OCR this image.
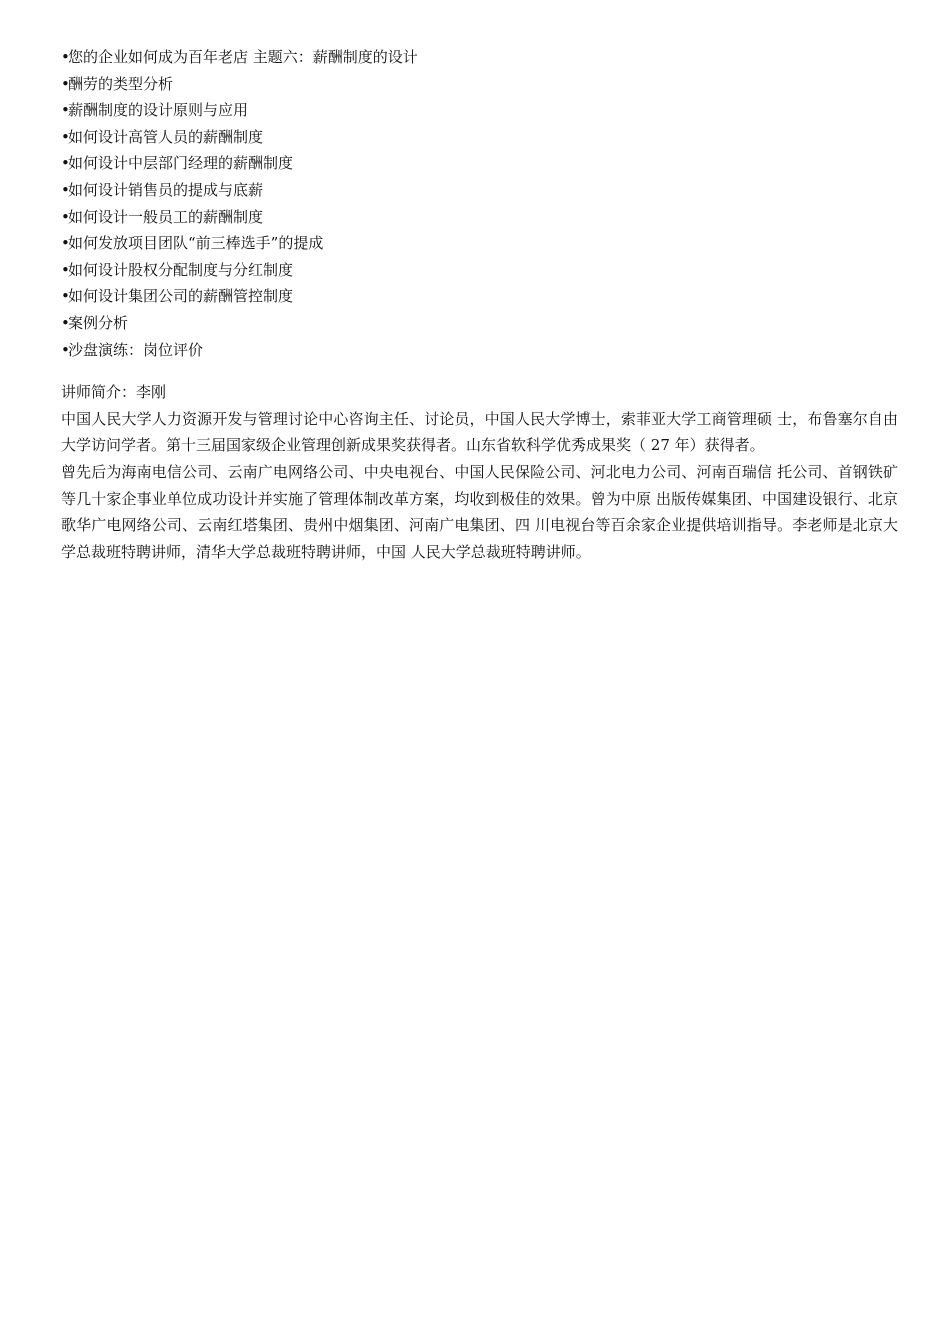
•您的企业如何成为百年老店 主题六：薪酬制度的设计
•酬劳的类型分析
•薪酬制度的设计原则与应用
•如何设计高管人员的薪酬制度
•如何设计中层部门经理的薪酬制度
•如何设计销售员的提成与底薪
•如何设计一般员工的薪酬制度
•如何发放项目团队“前三棒选手”的提成
•如何设计股权分配制度与分红制度
•如何设计集团公司的薪酬管控制度
•案例分析
•沙盘演练：岗位评价

讲师简介：李刚

中国人民大学人力资源开发与管理讨论中心咨询主任、讨论员，中国人民大学博士，索菲亚大学工商管理硕 士，布鲁塞尔自由大学访问学者。第十三届国家级企业管理创新成果奖获得者。山东省软科学优秀成果奖（ 27 年）获得者。

曾先后为海南电信公司、云南广电网络公司、中央电视台、中国人民保险公司、河北电力公司、河南百瑞信 托公司、首钢铁矿等几十家企事业单位成功设计并实施了管理体制改革方案，均收到极佳的效果。曾为中原 出版传媒集团、中国建设银行、北京歌华广电网络公司、云南红塔集团、贵州中烟集团、河南广电集团、四 川电视台等百余家企业提供培训指导。李老师是北京大学总裁班特聘讲师，清华大学总裁班特聘讲师，中国 人民大学总裁班特聘讲师。
